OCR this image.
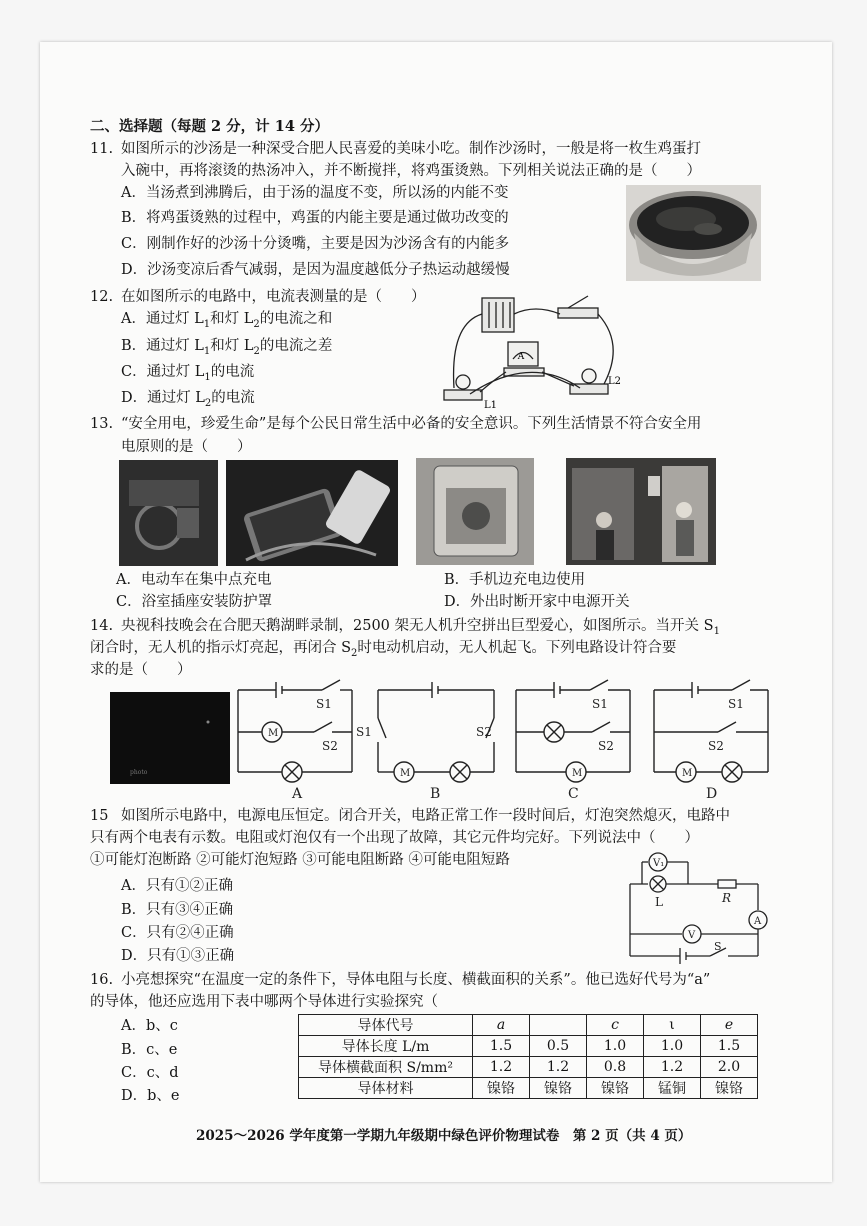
二、选择题（每题 2 分，计 14 分）
11. 如图所示的沙汤是一种深受合肥人民喜爱的美味小吃。制作沙汤时，一般是将一枚生鸡蛋打
入碗中，再将滚烫的热汤冲入，并不断搅拌，将鸡蛋烫熟。下列相关说法正确的是（　　）
A．当汤煮到沸腾后，由于汤的温度不变，所以汤的内能不变
B．将鸡蛋烫熟的过程中，鸡蛋的内能主要是通过做功改变的
C．刚制作好的沙汤十分烫嘴，主要是因为沙汤含有的内能多
D．沙汤变凉后香气减弱，是因为温度越低分子热运动越缓慢
12. 在如图所示的电路中，电流表测量的是（　　）
A．通过灯 $L_1$和灯 $L_2$的电流之和
B．通过灯 $L_1$和灯 $L_2$的电流之差
C．通过灯 $L_1$的电流
D．通过灯 $L_2$的电流
A
L1
L2
13. “安全用电，珍爱生命”是每个公民日常生活中必备的安全意识。下列生活情景不符合安全用
电原则的是（　　）
A．电动车在集中点充电	B．手机边充电边使用
C．浴室插座安装防护罩	D．外出时断开家中电源开关
14. 央视科技晚会在合肥天鹅湖畔录制，2500 架无人机升空拼出巨型爱心，如图所示。当开关 $S_1$
闭合时，无人机的指示灯亮起，再闭合 $S_2$时电动机启动，无人机起飞。下列电路设计符合要
求的是（　　）
photo
M
S1
S2
M
S1	S2
S1
S2
M
S1
S2
M
A	B	C	D
15 如图所示电路中，电源电压恒定。闭合开关，电路正常工作一段时间后，灯泡突然熄灭，电路中
只有两个电表有示数。电阻或灯泡仅有一个出现了故障，其它元件均完好。下列说法中（　　）
①可能灯泡断路 ②可能灯泡短路 ③可能电阻断路 ④可能电阻短路
A．只有①②正确
B．只有③④正确
C．只有②④正确
D．只有①③正确
V₁
L	R
A
V
S
16. 小亮想探究“在温度一定的条件下，导体电阻与长度、横截面积的关系”。他已选好代号为“a”
的导体，他还应选用下表中哪两个导体进行实验探究（
A．b、c
B．c、e
C．c、d
D．b、e
导体代号	a		c	ι	e
导体长度 L/m	1.5	0.5	1.0	1.0	1.5
导体横截面积 S/mm²	1.2	1.2	0.8	1.2	2.0
导体材料	镍铬	镍铬	镍铬	锰铜	镍铬
2025～2026 学年度第一学期九年级期中绿色评价物理试卷　第 2 页（共 4 页）
